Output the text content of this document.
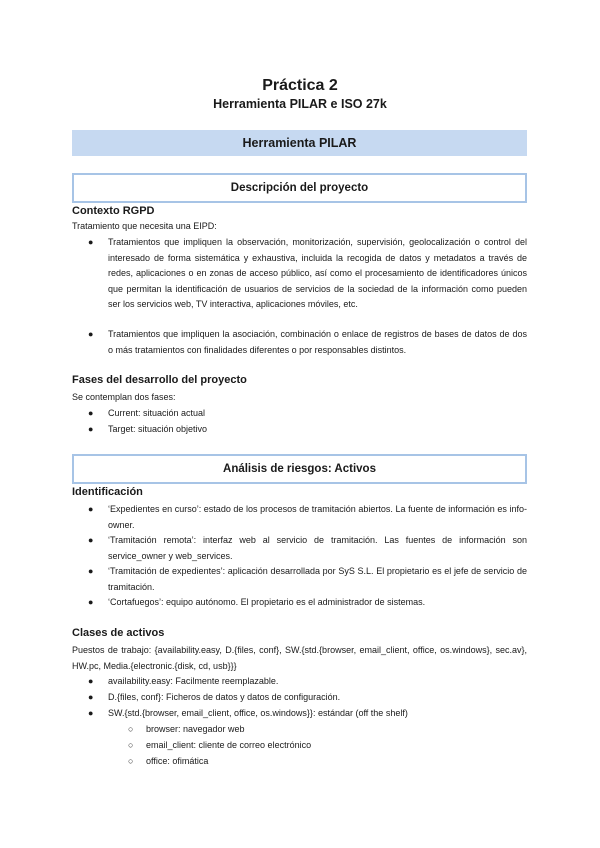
Práctica 2
Herramienta PILAR e ISO 27k
Herramienta PILAR
Descripción del proyecto
Contexto RGPD
Tratamiento que necesita una EIPD:
● Tratamientos que impliquen la observación, monitorización, supervisión, geolocalización o control del interesado de forma sistemática y exhaustiva, incluida la recogida de datos y metadatos a través de redes, aplicaciones o en zonas de acceso público, así como el procesamiento de identificadores únicos que permitan la identificación de usuarios de servicios de la sociedad de la información como pueden ser los servicios web, TV interactiva, aplicaciones móviles, etc.
● Tratamientos que impliquen la asociación, combinación o enlace de registros de bases de datos de dos o más tratamientos con finalidades diferentes o por responsables distintos.
Fases del desarrollo del proyecto
Se contemplan dos fases:
● Current: situación actual
● Target: situación objetivo
Análisis de riesgos: Activos
Identificación
● ‘Expedientes en curso’: estado de los procesos de tramitación abiertos. La fuente de información es info-owner.
● ‘Tramitación remota’: interfaz web al servicio de tramitación. Las fuentes de información son service_owner y web_services.
● ‘Tramitación de expedientes’: aplicación desarrollada por SyS S.L. El propietario es el jefe de servicio de tramitación.
● ‘Cortafuegos’: equipo autónomo. El propietario es el administrador de sistemas.
Clases de activos
Puestos de trabajo: {availability.easy, D.{files, conf}, SW.{std.{browser, email_client, office, os.windows}, sec.av}, HW.pc, Media.{electronic.{disk, cd, usb}}}
● availability.easy: Facilmente reemplazable.
● D.{files, conf}: Ficheros de datos y datos de configuración.
● SW.{std.{browser, email_client, office, os.windows}}: estándar (off the shelf)
○ browser: navegador web
○ email_client: cliente de correo electrónico
○ office: ofimática
